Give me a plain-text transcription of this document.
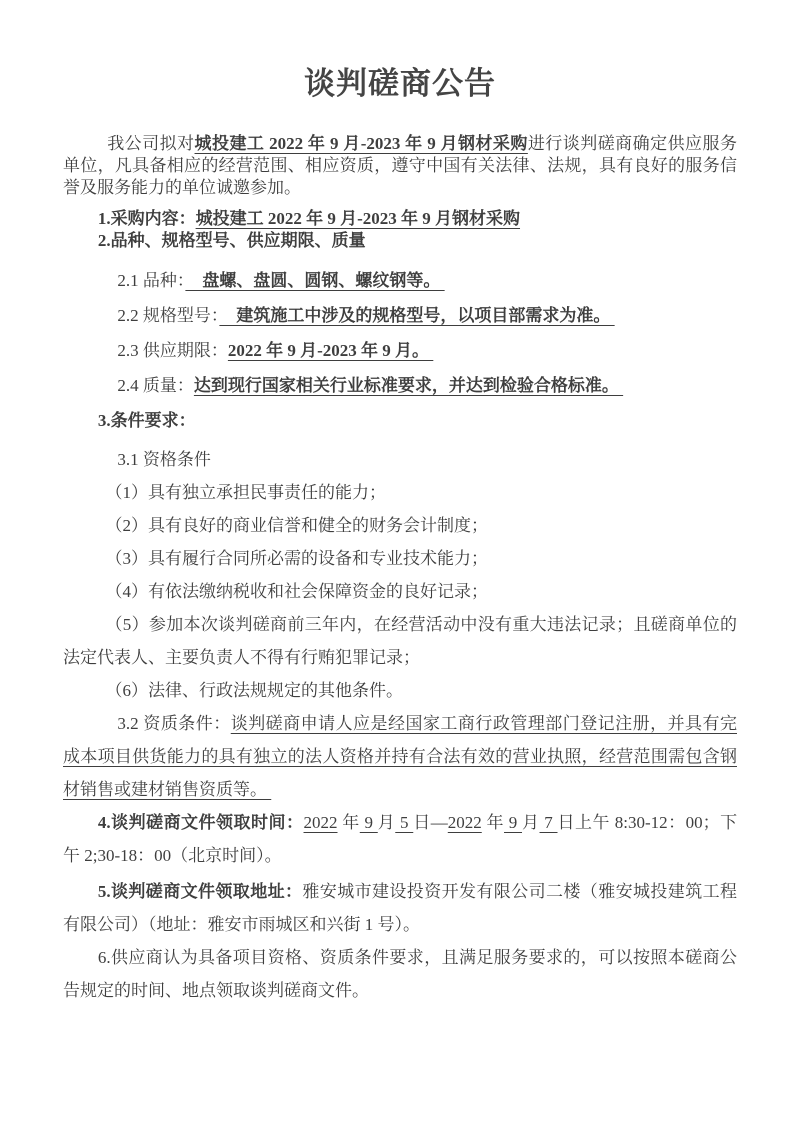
谈判磋商公告

我公司拟对城投建工 2022 年 9 月-2023 年 9 月钢材采购进行谈判磋商确定供应服务单位，凡具备相应的经营范围、相应资质，遵守中国有关法律、法规，具有良好的服务信誉及服务能力的单位诚邀参加。

1.采购内容：城投建工 2022 年 9 月-2023 年 9 月钢材采购

2.品种、规格型号、供应期限、质量

2.1 品种：　盘螺、盘圆、圆钢、螺纹钢等。

2.2 规格型号：　建筑施工中涉及的规格型号，以项目部需求为准。

2.3 供应期限：2022 年 9 月-2023 年 9 月。

2.4 质量：达到现行国家相关行业标准要求，并达到检验合格标准。

3.条件要求：

3.1 资格条件

（1）具有独立承担民事责任的能力；

（2）具有良好的商业信誉和健全的财务会计制度；

（3）具有履行合同所必需的设备和专业技术能力；

（4）有依法缴纳税收和社会保障资金的良好记录；

（5）参加本次谈判磋商前三年内，在经营活动中没有重大违法记录；且磋商单位的法定代表人、主要负责人不得有行贿犯罪记录；

（6）法律、行政法规规定的其他条件。

3.2 资质条件：谈判磋商申请人应是经国家工商行政管理部门登记注册，并具有完成本项目供货能力的具有独立的法人资格并持有合法有效的营业执照，经营范围需包含钢材销售或建材销售资质等。

4.谈判磋商文件领取时间：2022 年 9 月 5 日—2022 年 9 月 7 日上午 8:30-12：00；下午 2;30-18：00（北京时间）。

5.谈判磋商文件领取地址：雅安城市建设投资开发有限公司二楼（雅安城投建筑工程有限公司）（地址：雅安市雨城区和兴街 1 号）。

6.供应商认为具备项目资格、资质条件要求，且满足服务要求的，可以按照本磋商公告规定的时间、地点领取谈判磋商文件。
